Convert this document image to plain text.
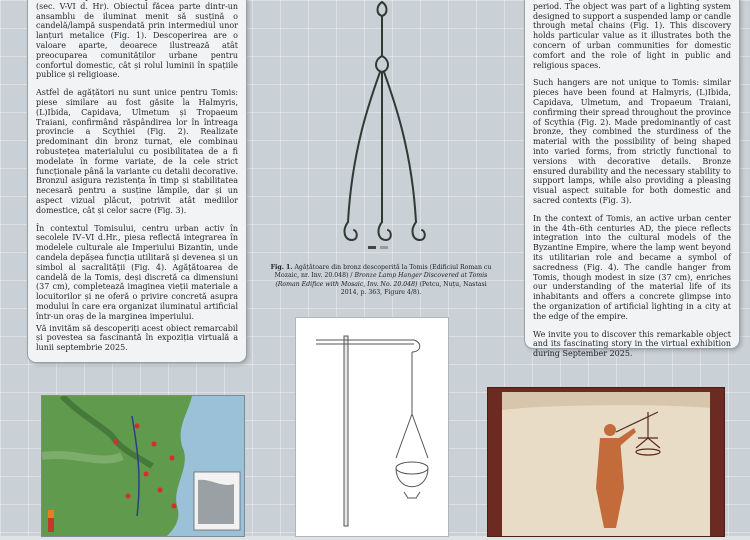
(sec. V-VI d. Hr). Obiectul făcea parte dintr-un ansamblu de iluminat menit să susțină o candelă/lampă suspendată prin intermediul unor lanțuri metalice (Fig. 1). Descoperirea are o valoare aparte, deoarece ilustrează atât preocuparea comunităților urbane pentru confortul domestic, cât și rolul luminii în spațiile publice și religioase.

Astfel de agățători nu sunt unice pentru Tomis: piese similare au fost găsite la Halmyris, (L)Ibida, Capidava, Ulmetum și Tropaeum Traiani, confirmând răspândirea lor în întreaga provincie a Scythiei (Fig. 2). Realizate predominant din bronz turnat, ele combinau robustețea materialului cu posibilitatea de a fi modelate în forme variate, de la cele strict funcționale până la variante cu detalii decorative. Bronzul asigura rezistența în timp și stabilitatea necesară pentru a susține lămpile, dar și un aspect vizual plăcut, potrivit atât mediilor domestice, cât și celor sacre (Fig. 3).

În contextul Tomisului, centru urban activ în secolele IV–VI d.Hr., piesa reflectă integrarea în modelele culturale ale Imperiului Bizantin, unde candela depășea funcția utilitară și devenea și un simbol al sacralității (Fig. 4). Agățătoarea de candelă de la Tomis, deși discretă ca dimensiuni (37 cm), completează imaginea vieții materiale a locuitorilor și ne oferă o privire concretă asupra modului în care era organizat iluminatul artificial într-un oraș de la marginea imperiului.

Vă invităm să descoperiți acest obiect remarcabil și povestea sa fascinantă în expoziția virtuală a lunii septembrie 2025.

period. The object was part of a lighting system designed to support a suspended lamp or candle through metal chains (Fig. 1). This discovery holds particular value as it illustrates both the concern of urban communities for domestic comfort and the role of light in public and religious spaces.

Such hangers are not unique to Tomis: similar pieces have been found at Halmyris, (L)Ibida, Capidava, Ulmetum, and Tropaeum Traiani, confirming their spread throughout the province of Scythia (Fig. 2). Made predominantly of cast bronze, they combined the sturdiness of the material with the possibility of being shaped into varied forms, from strictly functional to versions with decorative details. Bronze ensured durability and the necessary stability to support lamps, while also providing a pleasing visual aspect suitable for both domestic and sacred contexts (Fig. 3).

In the context of Tomis, an active urban center in the 4th–6th centuries AD, the piece reflects integration into the cultural models of the Byzantine Empire, where the lamp went beyond its utilitarian role and became a symbol of sacredness (Fig. 4). The candle hanger from Tomis, though modest in size (37 cm), enriches our understanding of the material life of its inhabitants and offers a concrete glimpse into the organization of artificial lighting in a city at the edge of the empire.

We invite you to discover this remarkable object and its fascinating story in the virtual exhibition during September 2025.

Fig. 1. Agățătoare din bronz descoperită la Tomis (Edificiul Roman cu Mozaic, nr. Inv. 20.048) / Bronze Lamp Hanger Discovered at Tomis (Roman Edifice with Mosaic, Inv. No. 20.048) (Petcu, Nuțu, Nastasi 2014, p. 363, Figure 4/8).
